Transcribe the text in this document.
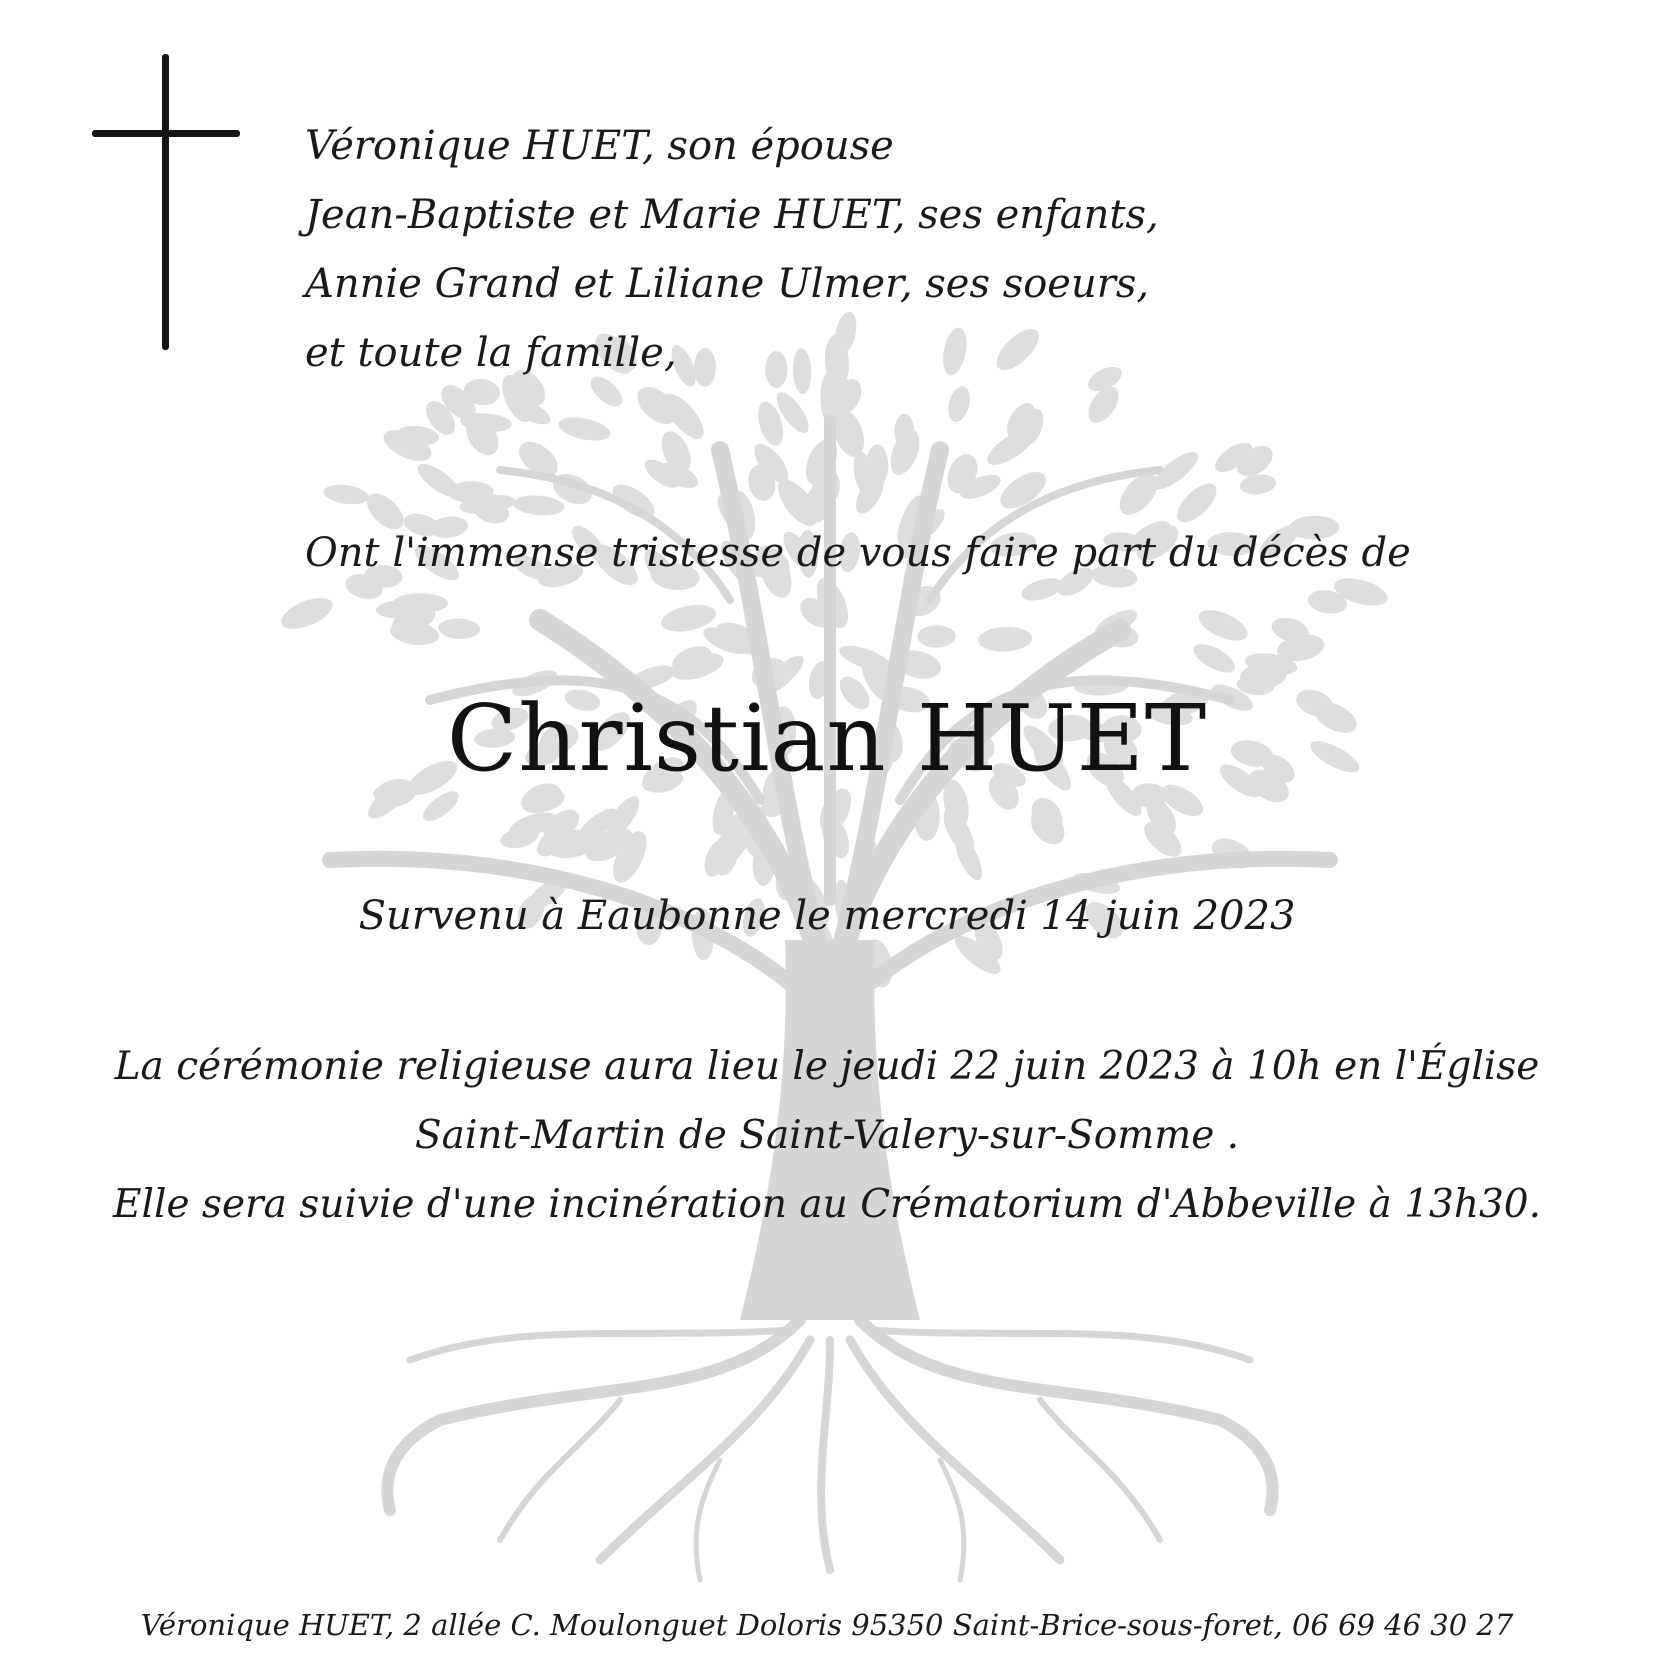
Véronique HUET, son épouse
Jean-Baptiste et Marie HUET, ses enfants,
Annie Grand et Liliane Ulmer, ses soeurs,
et toute la famille,
Ont l'immense tristesse de vous faire part du décès de
Christian HUET
Survenu à Eaubonne le mercredi 14 juin 2023
La cérémonie religieuse aura lieu le jeudi 22 juin 2023 à 10h en l'Église
Saint-Martin de Saint-Valery-sur-Somme .
Elle sera suivie d'une incinération au Crématorium d'Abbeville à 13h30.
Véronique HUET, 2 allée C. Moulonguet Doloris 95350 Saint-Brice-sous-foret, 06 69 46 30 27
